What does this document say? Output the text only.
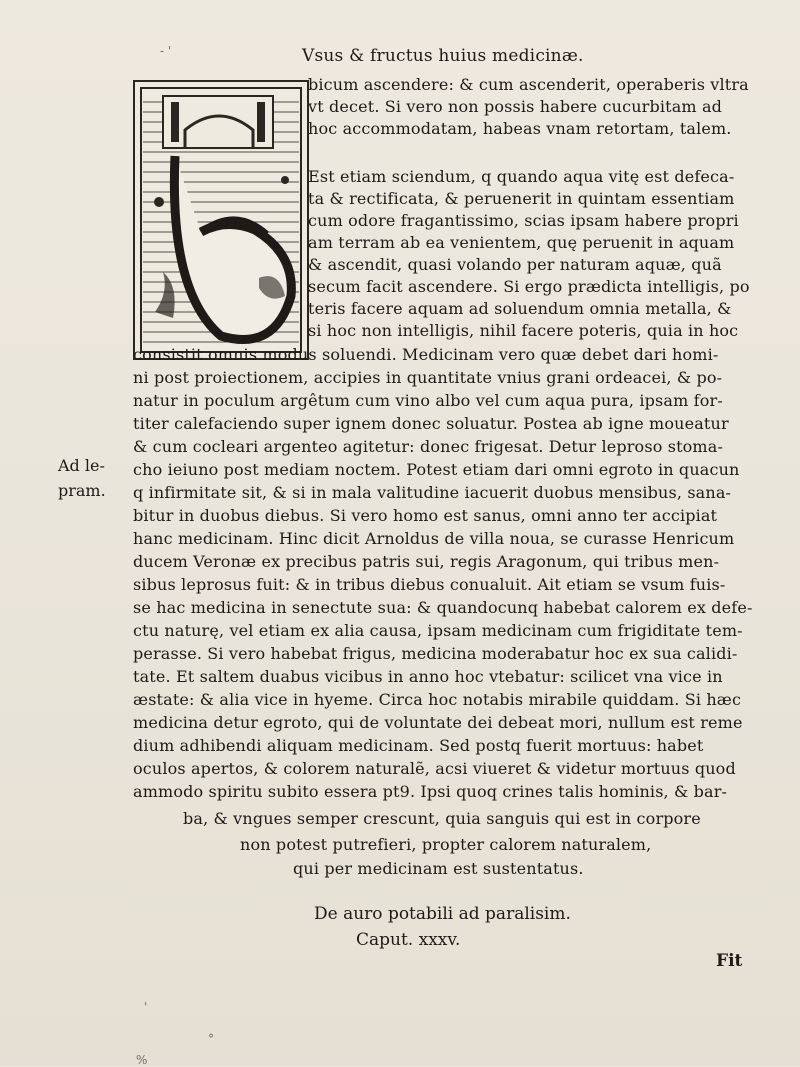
Vsus & fructus huius medicinæ.
bicum ascendere: & cum ascenderit, operaberis vltra
vt decet. Si vero non possis habere cucurbitam ad
hoc accommodatam, habeas vnam retortam, talem.
Est etiam sciendum, q quando aqua vitę est defeca-
ta & rectificata, & peruenerit in quintam essentiam
cum odore fragantissimo, scias ipsam habere propri
am terram ab ea venientem, quę peruenit in aquam
& ascendit, quasi volando per naturam aquæ, quã
secum facit ascendere. Si ergo prædicta intelligis, po
teris facere aquam ad soluendum omnia metalla, &
si hoc non intelligis, nihil facere poteris, quia in hoc
consistit omnis modus soluendi. Medicinam vero quæ debet dari homi-
ni post proiectionem, accipies in quantitate vnius grani ordeacei, & po-
natur in poculum argêtum cum vino albo vel cum aqua pura, ipsam for-
titer calefaciendo super ignem donec soluatur. Postea ab igne moueatur
& cum cocleari argenteo agitetur: donec frigesat. Detur leproso stoma-
cho ieiuno post mediam noctem. Potest etiam dari omni egroto in quacun
q infirmitate sit, & si in mala valitudine iacuerit duobus mensibus, sana-
bitur in duobus diebus. Si vero homo est sanus, omni anno ter accipiat
hanc medicinam. Hinc dicit Arnoldus de villa noua, se curasse Henricum
ducem Veronæ ex precibus patris sui, regis Aragonum, qui tribus men-
sibus leprosus fuit: & in tribus diebus conualuit. Ait etiam se vsum fuis-
se hac medicina in senectute sua: & quandocunq habebat calorem ex defe-
ctu naturę, vel etiam ex alia causa, ipsam medicinam cum frigiditate tem-
perasse. Si vero habebat frigus, medicina moderabatur hoc ex sua calidi-
tate. Et saltem duabus vicibus in anno hoc vtebatur: scilicet vna vice in
æstate: & alia vice in hyeme. Circa hoc notabis mirabile quiddam. Si hæc
medicina detur egroto, qui de voluntate dei debeat mori, nullum est reme
dium adhibendi aliquam medicinam. Sed postq fuerit mortuus: habet
oculos apertos, & colorem naturalẽ, acsi viueret & videtur mortuus quod
ammodo spiritu subito essera pt9. Ipsi quoq crines talis hominis, & bar-
ba, & vngues semper crescunt, quia sanguis qui est in corpore
non potest putrefieri, propter calorem naturalem,
qui per medicinam est sustentatus.
Ad le-
pram.
De auro potabili ad paralisim.
Caput. xxxv.
Fit
- '
'
°
%
